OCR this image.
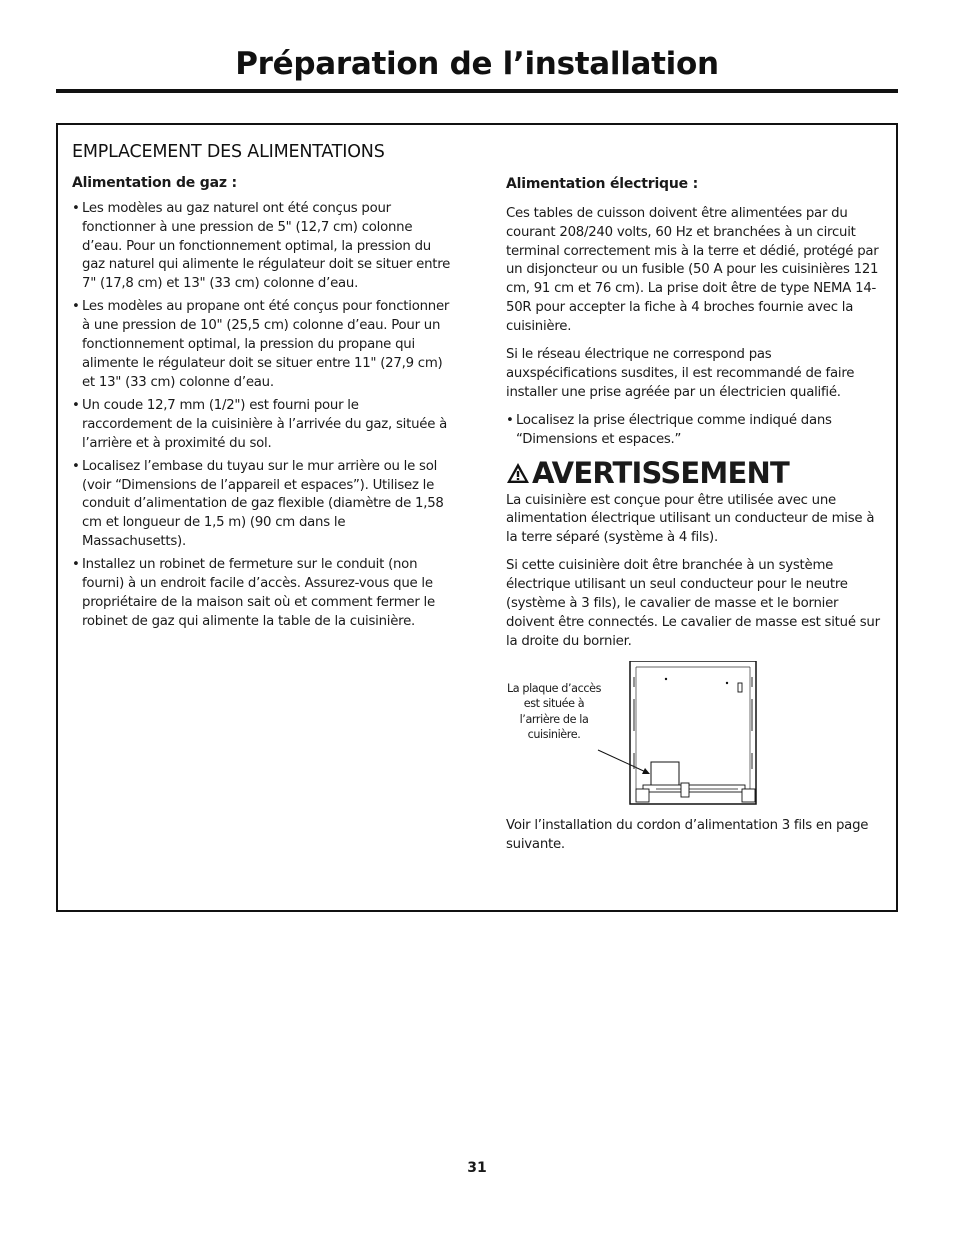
Préparation de l’installation
EMPLACEMENT DES ALIMENTATIONS
Alimentation de gaz :
• Les modèles au gaz naturel ont été conçus pour fonctionner à une pression de 5" (12,7 cm) colonne d’eau. Pour un fonctionnement optimal, la pression du gaz naturel qui alimente le régulateur doit se situer entre 7" (17,8 cm) et 13" (33 cm) colonne d’eau.
• Les modèles au propane ont été conçus pour fonctionner à une pression de 10" (25,5 cm) colonne d’eau. Pour un fonctionnement optimal, la pression du propane qui alimente le régulateur doit se situer entre 11" (27,9 cm) et 13" (33 cm) colonne d’eau.
• Un coude 12,7 mm (1/2") est fourni pour le raccordement de la cuisinière à l’arrivée du gaz, située à l’arrière et à proximité du sol.
• Localisez l’embase du tuyau sur le mur arrière ou le sol (voir “Dimensions de l’appareil et espaces”). Utilisez le conduit d’alimentation de gaz flexible (diamètre de 1,58 cm et longueur de 1,5 m) (90 cm dans le Massachusetts).
• Installez un robinet de fermeture sur le conduit (non fourni) à un endroit facile d’accès. Assurez-vous que le propriétaire de la maison sait où et comment fermer le robinet de gaz qui alimente la table de la cuisinière.
Alimentation électrique :

Ces tables de cuisson doivent être alimentées par du courant 208/240 volts, 60 Hz et branchées à un circuit terminal correctement mis à la terre et dédié, protégé par un disjoncteur ou un fusible (50 A pour les cuisinières 121 cm, 91 cm et 76 cm). La prise doit être de type NEMA 14-50R pour accepter la fiche à 4 broches fournie avec la cuisinière.

Si le réseau électrique ne correspond pas auxspécifications susdites, il est recommandé de faire installer une prise agréée par un électricien qualifié.

• Localisez la prise électrique comme indiqué dans “Dimensions et espaces.”
AVERTISSEMENT

La cuisinière est conçue pour être utilisée avec une alimentation électrique utilisant un conducteur de mise à la terre séparé (système à 4 fils).

Si cette cuisinière doit être branchée à un système électrique utilisant un seul conducteur pour le neutre (système à 3 fils), le cavalier de masse et le bornier doivent être connectés. Le cavalier de masse est situé sur la droite du bornier.

La plaque d’accès est située à l’arrière de la cuisinière.

Voir l’installation du cordon d’alimentation 3 fils en page suivante.

31
